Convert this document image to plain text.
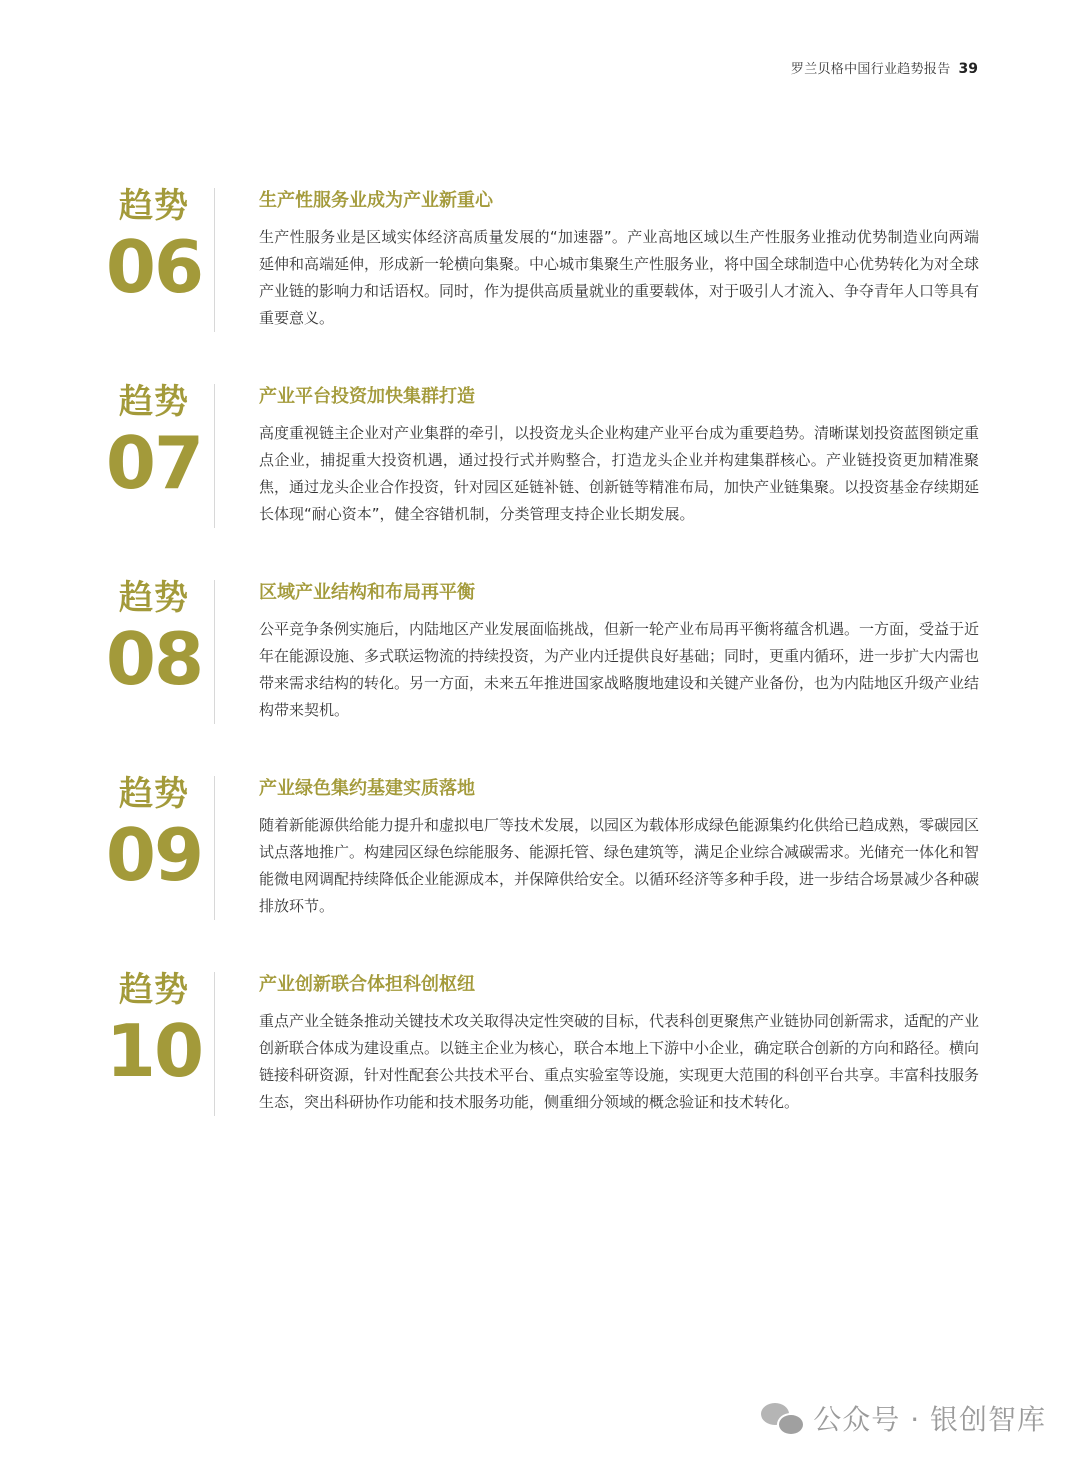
罗兰贝格中国行业趋势报告 39
趋势
06
生产性服务业成为产业新重心

生产性服务业是区域实体经济高质量发展的“加速器”。产业高地区域以生产性服务业推动优势制造业向两端延伸和高端延伸，形成新一轮横向集聚。中心城市集聚生产性服务业，将中国全球制造中心优势转化为对全球产业链的影响力和话语权。同时，作为提供高质量就业的重要载体，对于吸引人才流入、争夺青年人口等具有重要意义。

趋势
07
产业平台投资加快集群打造

高度重视链主企业对产业集群的牵引，以投资龙头企业构建产业平台成为重要趋势。清晰谋划投资蓝图锁定重点企业，捕捉重大投资机遇，通过投行式并购整合，打造龙头企业并构建集群核心。产业链投资更加精准聚焦，通过龙头企业合作投资，针对园区延链补链、创新链等精准布局，加快产业链集聚。以投资基金存续期延长体现“耐心资本”，健全容错机制，分类管理支持企业长期发展。

趋势
08
区域产业结构和布局再平衡

公平竞争条例实施后，内陆地区产业发展面临挑战，但新一轮产业布局再平衡将蕴含机遇。一方面，受益于近年在能源设施、多式联运物流的持续投资，为产业内迁提供良好基础；同时，更重内循环，进一步扩大内需也带来需求结构的转化。另一方面，未来五年推进国家战略腹地建设和关键产业备份，也为内陆地区升级产业结构带来契机。

趋势
09
产业绿色集约基建实质落地

随着新能源供给能力提升和虚拟电厂等技术发展，以园区为载体形成绿色能源集约化供给已趋成熟，零碳园区试点落地推广。构建园区绿色综能服务、能源托管、绿色建筑等，满足企业综合减碳需求。光储充一体化和智能微电网调配持续降低企业能源成本，并保障供给安全。以循环经济等多种手段，进一步结合场景减少各种碳排放环节。

趋势
10
产业创新联合体担科创枢纽

重点产业全链条推动关键技术攻关取得决定性突破的目标，代表科创更聚焦产业链协同创新需求，适配的产业创新联合体成为建设重点。以链主企业为核心，联合本地上下游中小企业，确定联合创新的方向和路径。横向链接科研资源，针对性配套公共技术平台、重点实验室等设施，实现更大范围的科创平台共享。丰富科技服务生态，突出科研协作功能和技术服务功能，侧重细分领域的概念验证和技术转化。

公众号 · 银创智库
